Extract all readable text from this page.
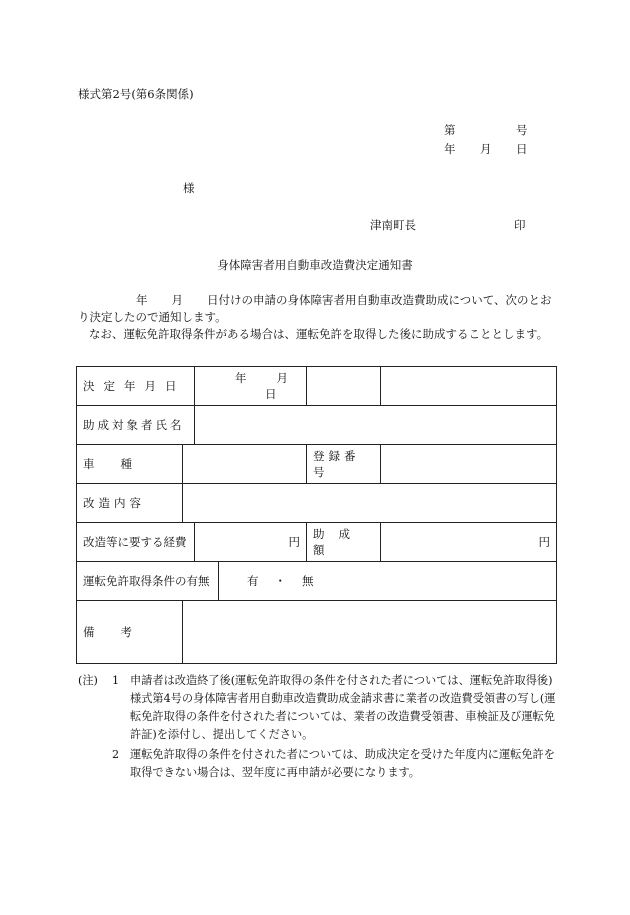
様式第2号(第6条関係)
第	号
年 月 日
様
津南町長	印
身体障害者用自動車改造費決定通知書

年 月 日付けの申請の身体障害者用自動車改造費助成について、次のとおり決定したので通知します。

なお、運転免許取得条件がある場合は、運転免許を取得した後に助成することとします。

決定年月日		年 月日			
助成対象者氏名					
車種				登録番号	
改造内容					
改造等に要する経費		円		助成額	円
運転免許取得条件の有無			有 ・ 無		
備考					
(注) 1 申請者は改造終了後(運転免許取得の条件を付された者については、運転免許取得後)様式第4号の身体障害者用自動車改造費助成金請求書に業者の改造費受領書の写し(運転免許取得の条件を付された者については、業者の改造費受領書、車検証及び運転免許証)を添付し、提出してください。
2 運転免許取得の条件を付された者については、助成決定を受けた年度内に運転免許を取得できない場合は、翌年度に再申請が必要になります。
